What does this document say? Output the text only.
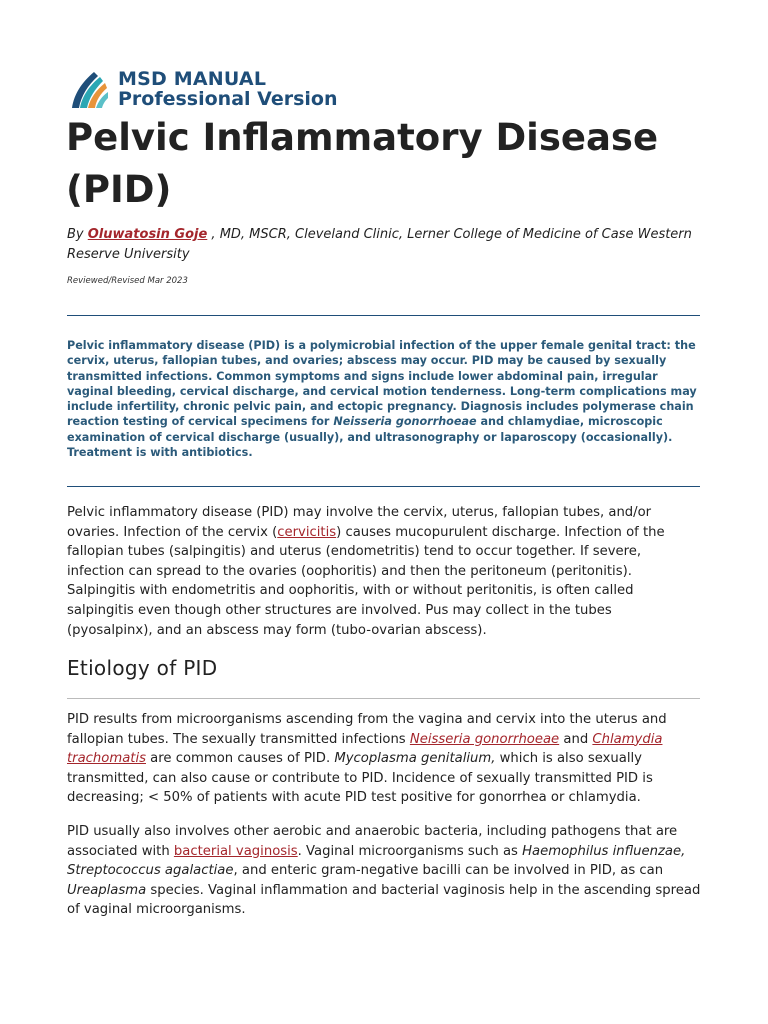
MSD MANUAL
Professional Version
Pelvic Inflammatory Disease (PID)

By Oluwatosin Goje , MD, MSCR, Cleveland Clinic, Lerner College of Medicine of Case Western Reserve University

Reviewed/Revised Mar 2023

Pelvic inflammatory disease (PID) is a polymicrobial infection of the upper female genital tract: the cervix, uterus, fallopian tubes, and ovaries; abscess may occur. PID may be caused by sexually transmitted infections. Common symptoms and signs include lower abdominal pain, irregular vaginal bleeding, cervical discharge, and cervical motion tenderness. Long-term complications may include infertility, chronic pelvic pain, and ectopic pregnancy. Diagnosis includes polymerase chain reaction testing of cervical specimens for Neisseria gonorrhoeae and chlamydiae, microscopic examination of cervical discharge (usually), and ultrasonography or laparoscopy (occasionally). Treatment is with antibiotics.

Pelvic inflammatory disease (PID) may involve the cervix, uterus, fallopian tubes, and/or ovaries. Infection of the cervix (cervicitis) causes mucopurulent discharge. Infection of the fallopian tubes (salpingitis) and uterus (endometritis) tend to occur together. If severe, infection can spread to the ovaries (oophoritis) and then the peritoneum (peritonitis). Salpingitis with endometritis and oophoritis, with or without peritonitis, is often called salpingitis even though other structures are involved. Pus may collect in the tubes (pyosalpinx), and an abscess may form (tubo-ovarian abscess).

Etiology of PID

PID results from microorganisms ascending from the vagina and cervix into the uterus and fallopian tubes. The sexually transmitted infections Neisseria gonorrhoeae and Chlamydia trachomatis are common causes of PID. Mycoplasma genitalium, which is also sexually transmitted, can also cause or contribute to PID. Incidence of sexually transmitted PID is decreasing; < 50% of patients with acute PID test positive for gonorrhea or chlamydia.

PID usually also involves other aerobic and anaerobic bacteria, including pathogens that are associated with bacterial vaginosis. Vaginal microorganisms such as Haemophilus influenzae, Streptococcus agalactiae, and enteric gram-negative bacilli can be involved in PID, as can Ureaplasma species. Vaginal inflammation and bacterial vaginosis help in the ascending spread of vaginal microorganisms.
